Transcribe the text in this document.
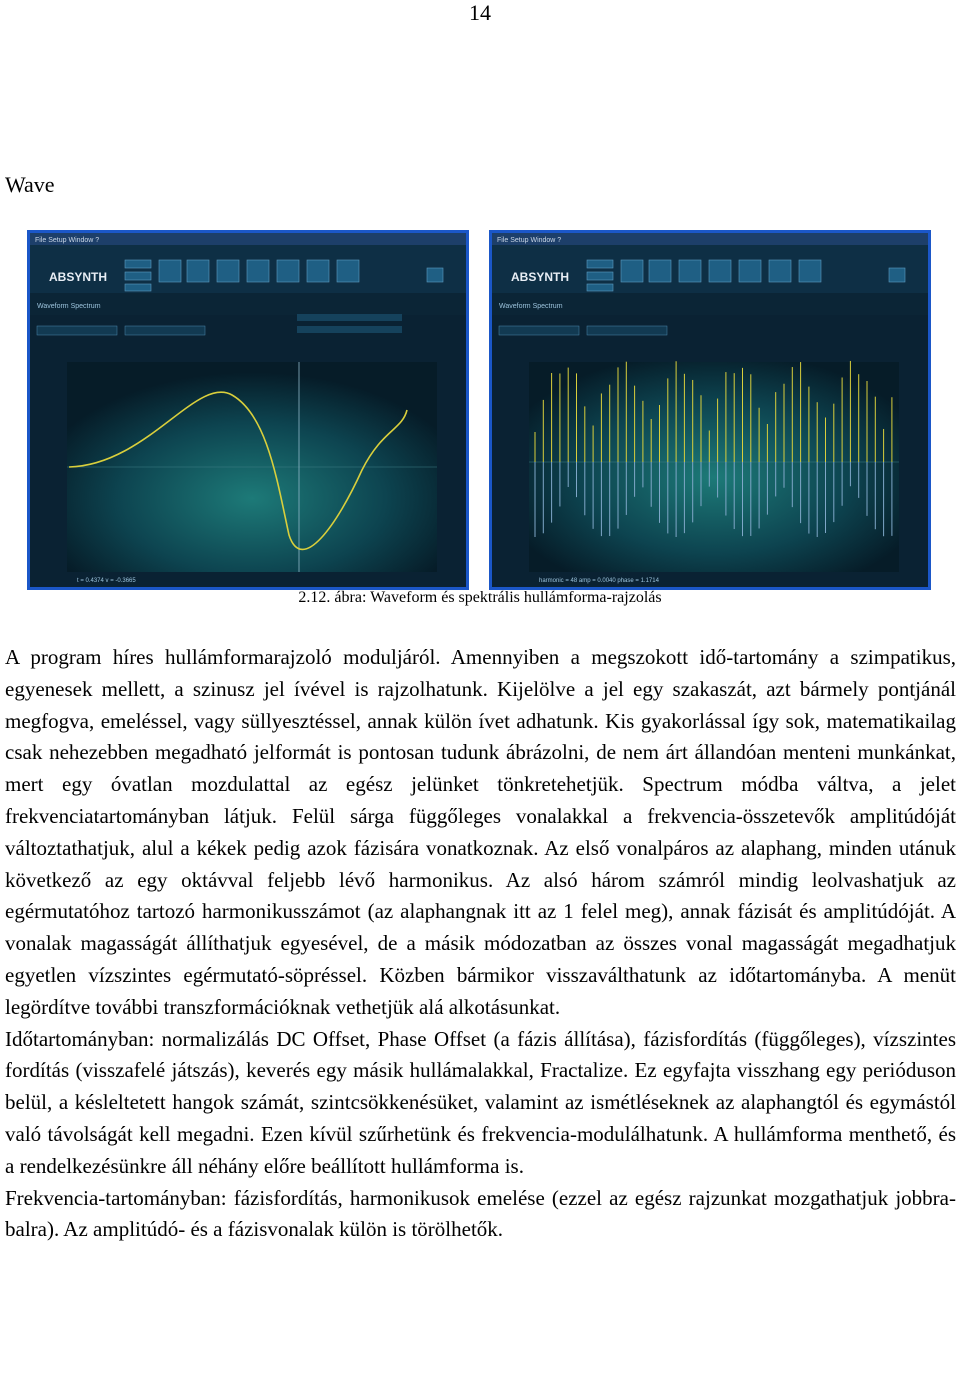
14
Wave
File Setup Window ?
ABSYNTH
Waveform Spectrum
t = 0.4374 v = -0.3665
File Setup Window ?
ABSYNTH
Waveform Spectrum
harmonic = 48 amp = 0.0040 phase = 1.1714
2.12. ábra: Waveform és spektrális hullámforma-rajzolás

A program híres hullámformarajzoló moduljáról. Amennyiben a megszokott idő-tartomány a szimpatikus, egyenesek mellett, a szinusz jel ívével is rajzolhatunk. Kijelölve a jel egy szakaszát, azt bármely pontjánál megfogva, emeléssel, vagy süllyesztéssel, annak külön ívet adhatunk. Kis gyakorlással így sok, matematikailag csak nehezebben megadható jelformát is pontosan tudunk ábrázolni, de nem árt állandóan menteni munkánkat, mert egy óvatlan mozdulattal az egész jelünket tönkretehetjük. Spectrum módba váltva, a jelet frekvenciatartományban látjuk. Felül sárga függőleges vonalakkal a frekvencia-összetevők amplitúdóját változtathatjuk, alul a kékek pedig azok fázisára vonatkoznak. Az első vonalpáros az alaphang, minden utánuk következő az egy oktávval feljebb lévő harmonikus. Az alsó három számról mindig leolvashatjuk az egérmutatóhoz tartozó harmonikusszámot (az alaphangnak itt az 1 felel meg), annak fázisát és amplitúdóját. A vonalak magasságát állíthatjuk egyesével, de a másik módozatban az összes vonal magasságát megadhatjuk egyetlen vízszintes egérmutató-söpréssel. Közben bármikor visszaválthatunk az időtartományba. A menüt legördítve további transzformációknak vethetjük alá alkotásunkat.

Időtartományban: normalizálás DC Offset, Phase Offset (a fázis állítása), fázisfordítás (függőleges), vízszintes fordítás (visszafelé játszás), keverés egy másik hullámalakkal, Fractalize. Ez egyfajta visszhang egy perióduson belül, a késleltetett hangok számát, szintcsökkenésüket, valamint az ismétléseknek az alaphangtól és egymástól való távolságát kell megadni. Ezen kívül szűrhetünk és frekvencia-modulálhatunk. A hullámforma menthető, és a rendelkezésünkre áll néhány előre beállított hullámforma is.

Frekvencia-tartományban: fázisfordítás, harmonikusok emelése (ezzel az egész rajzunkat mozgathatjuk jobbra-balra). Az amplitúdó- és a fázisvonalak külön is törölhetők.
